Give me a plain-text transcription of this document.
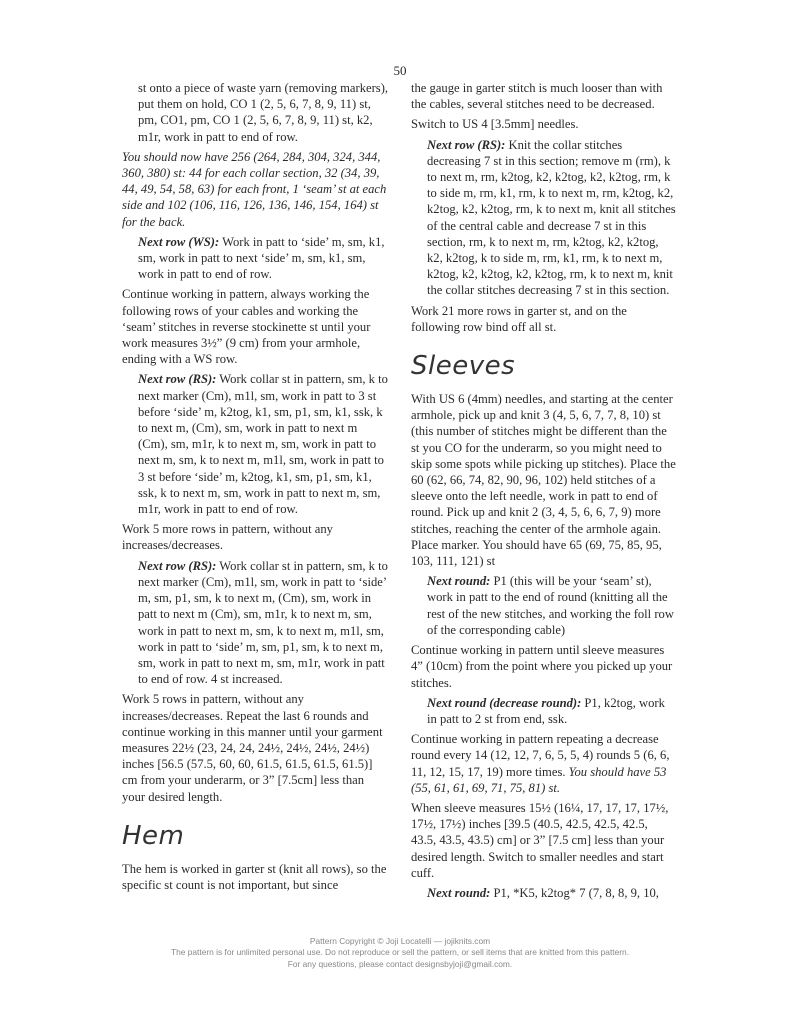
50

st onto a piece of waste yarn (removing markers), put them on hold, CO 1 (2, 5, 6, 7, 8, 9, 11) st, pm, CO1, pm, CO 1 (2, 5, 6, 7, 8, 9, 11) st, k2, m1r, work in patt to end of row.

You should now have 256 (264, 284, 304, 324, 344, 360, 380) st: 44 for each collar section, 32 (34, 39, 44, 49, 54, 58, 63) for each front, 1 ‘seam’ st at each side and 102 (106, 116, 126, 136, 146, 154, 164) st for the back.

Next row (WS): Work in patt to ‘side’ m, sm, k1, sm, work in patt to next ‘side’ m, sm, k1, sm, work in patt to end of row.

Continue working in pattern, always working the following rows of your cables and working the ‘seam’ stitches in reverse stockinette st until your work measures 3½” (9 cm) from your armhole, ending with a WS row.

Next row (RS): Work collar st in pattern, sm, k to next marker (Cm), m1l, sm, work in patt to 3 st before ‘side’ m, k2tog, k1, sm, p1, sm, k1, ssk, k to next m, (Cm), sm, work in patt to next m (Cm), sm, m1r, k to next m, sm, work in patt to next m, sm, k to next m, m1l, sm, work in patt to 3 st before ‘side’ m, k2tog, k1, sm, p1, sm, k1, ssk, k to next m, sm, work in patt to next m, sm, m1r, work in patt to end of row.

Work 5 more rows in pattern, without any increases/decreases.

Next row (RS): Work collar st in pattern, sm, k to next marker (Cm), m1l, sm, work in patt to ‘side’ m, sm, p1, sm, k to next m, (Cm), sm, work in patt to next m (Cm), sm, m1r, k to next m, sm, work in patt to next m, sm, k to next m, m1l, sm, work in patt to ‘side’ m, sm, p1, sm, k to next m, sm, work in patt to next m, sm, m1r, work in patt to end of row. 4 st increased.

Work 5 rows in pattern, without any increases/decreases. Repeat the last 6 rounds and continue working in this manner until your garment measures 22½ (23, 24, 24, 24½, 24½, 24½, 24½) inches [56.5 (57.5, 60, 60, 61.5, 61.5, 61.5, 61.5)] cm from your underarm, or 3” [7.5cm] less than your desired length.

Hem

The hem is worked in garter st (knit all rows), so the specific st count is not important, but since

the gauge in garter stitch is much looser than with the cables, several stitches need to be decreased.

Switch to US 4 [3.5mm] needles.

Next row (RS): Knit the collar stitches decreasing 7 st in this section; remove m (rm), k to next m, rm, k2tog, k2, k2tog, k2, k2tog, rm, k to side m, rm, k1, rm, k to next m, rm, k2tog, k2, k2tog, k2, k2tog, rm, k to next m, knit all stitches of the central cable and decrease 7 st in this section, rm, k to next m, rm, k2tog, k2, k2tog, k2, k2tog, k to side m, rm, k1, rm, k to next m, k2tog, k2, k2tog, k2, k2tog, rm, k to next m, knit the collar stitches decreasing 7 st in this section.

Work 21 more rows in garter st, and on the following row bind off all st.

Sleeves

With US 6 (4mm) needles, and starting at the center armhole, pick up and knit 3 (4, 5, 6, 7, 7, 8, 10) st (this number of stitches might be different than the st you CO for the underarm, so you might need to skip some spots while picking up stitches). Place the 60 (62, 66, 74, 82, 90, 96, 102) held stitches of a sleeve onto the left needle, work in patt to end of round. Pick up and knit 2 (3, 4, 5, 6, 6, 7, 9) more stitches, reaching the center of the armhole again. Place marker. You should have 65 (69, 75, 85, 95, 103, 111, 121) st

Next round: P1 (this will be your ‘seam’ st), work in patt to the end of round (knitting all the rest of the new stitches, and working the foll row of the corresponding cable)

Continue working in pattern until sleeve measures 4” (10cm) from the point where you picked up your stitches.

Next round (decrease round): P1, k2tog, work in patt to 2 st from end, ssk.

Continue working in pattern repeating a decrease round every 14 (12, 12, 7, 6, 5, 5, 4) rounds 5 (6, 6, 11, 12, 15, 17, 19) more times. You should have 53 (55, 61, 61, 69, 71, 75, 81) st.

When sleeve measures 15½ (16¼, 17, 17, 17, 17½, 17½, 17½) inches [39.5 (40.5, 42.5, 42.5, 42.5, 43.5, 43.5, 43.5) cm] or 3” [7.5 cm] less than your desired length. Switch to smaller needles and start cuff.

Next round: P1, *K5, k2tog* 7 (7, 8, 8, 9, 10,

Pattern Copyright © Joji Locatelli — jojiknits.com
The pattern is for unlimited personal use. Do not reproduce or sell the pattern, or sell items that are knitted from this pattern.
For any questions, please contact designsbyjoji@gmail.com.
